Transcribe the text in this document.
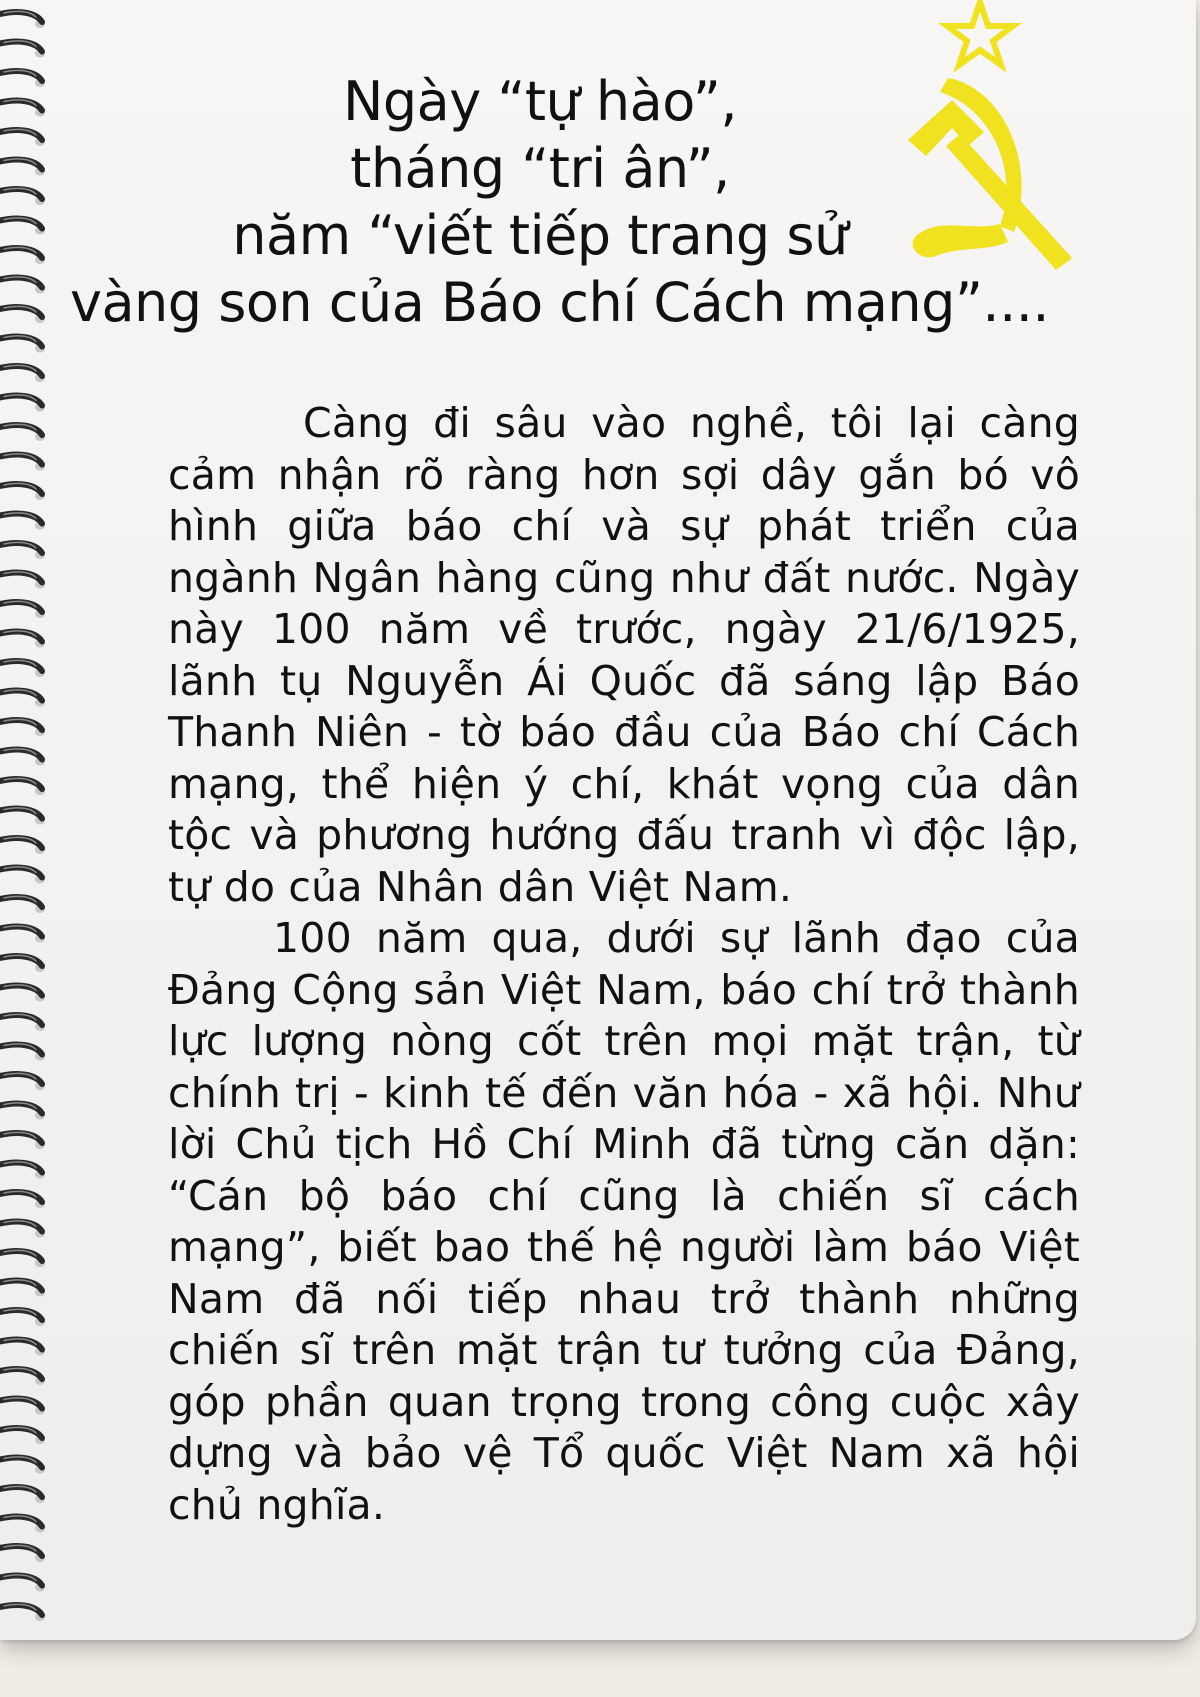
Ngày “tự hào”,
tháng “tri ân”,
năm “viết tiếp trang sử
vàng son của Báo chí Cách mạng”....

Càng đi sâu vào nghề, tôi lại càng cảm nhận rõ ràng hơn sợi dây gắn bó vô hình giữa báo chí và sự phát triển của ngành Ngân hàng cũng như đất nước. Ngày này 100 năm về trước, ngày 21/6/1925, lãnh tụ Nguyễn Ái Quốc đã sáng lập Báo Thanh Niên - tờ báo đầu của Báo chí Cách mạng, thể hiện ý chí, khát vọng của dân tộc và phương hướng đấu tranh vì độc lập, tự do của Nhân dân Việt Nam.

100 năm qua, dưới sự lãnh đạo của Đảng Cộng sản Việt Nam, báo chí trở thành lực lượng nòng cốt trên mọi mặt trận, từ chính trị - kinh tế đến văn hóa - xã hội. Như lời Chủ tịch Hồ Chí Minh đã từng căn dặn: “Cán bộ báo chí cũng là chiến sĩ cách mạng”, biết bao thế hệ người làm báo Việt Nam đã nối tiếp nhau trở thành những chiến sĩ trên mặt trận tư tưởng của Đảng, góp phần quan trọng trong công cuộc xây dựng và bảo vệ Tổ quốc Việt Nam xã hội chủ nghĩa.
